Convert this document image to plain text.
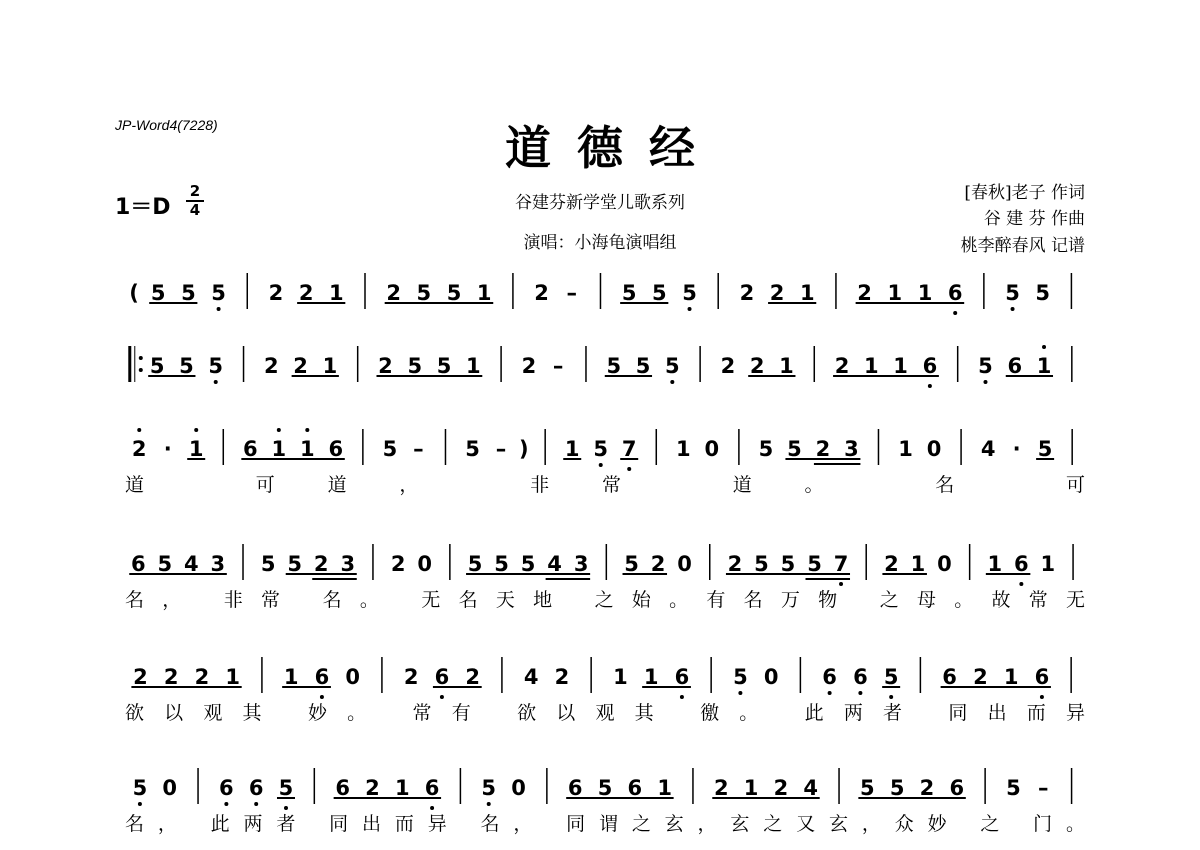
JP-Word4(7228)	道德经
1＝D
2
4	谷建芬新学堂儿歌系列
演唱：小海龟演唱组
[春秋]老子 作词
谷 建 芬 作曲
桃李醉春风 记谱
( 5 5 5 2 2 1 2 5 5 1 2 – 5 5 5 2 2 1 2 1 1 6 5 5
5 5 5 2 2 1 2 5 5 1 2 – 5 5 5 2 2 1 2 1 1 6 5 6 1
2 · 1 6 1 1 6 5 – 5 – ) 1 5 7 1 0 5 5 2 3 1 0 4 · 5
道 可道， 非常 道。 名 可
6 5 4 3 5 5 2 3 2 0 5 5 5 4 3 5 2 0 2 5 5 5 7 2 1 0 1 6 1
名， 非常 名。 无名天地 之始。有名万物 之母。故常无
2 2 2 1 1 6 0 2 6 2 4 2 1 1 6 5 0 6 6 5 6 2 1 6
欲以观其 妙。 常有 欲以观其 徼。 此两者 同出而异
5 0 6 6 5 6 2 1 6 5 0 6 5 6 1 2 1 2 4 5 5 2 6 5 –
名， 此两者 同出而异 名， 同谓之玄，玄之又玄，众妙 之 门。
